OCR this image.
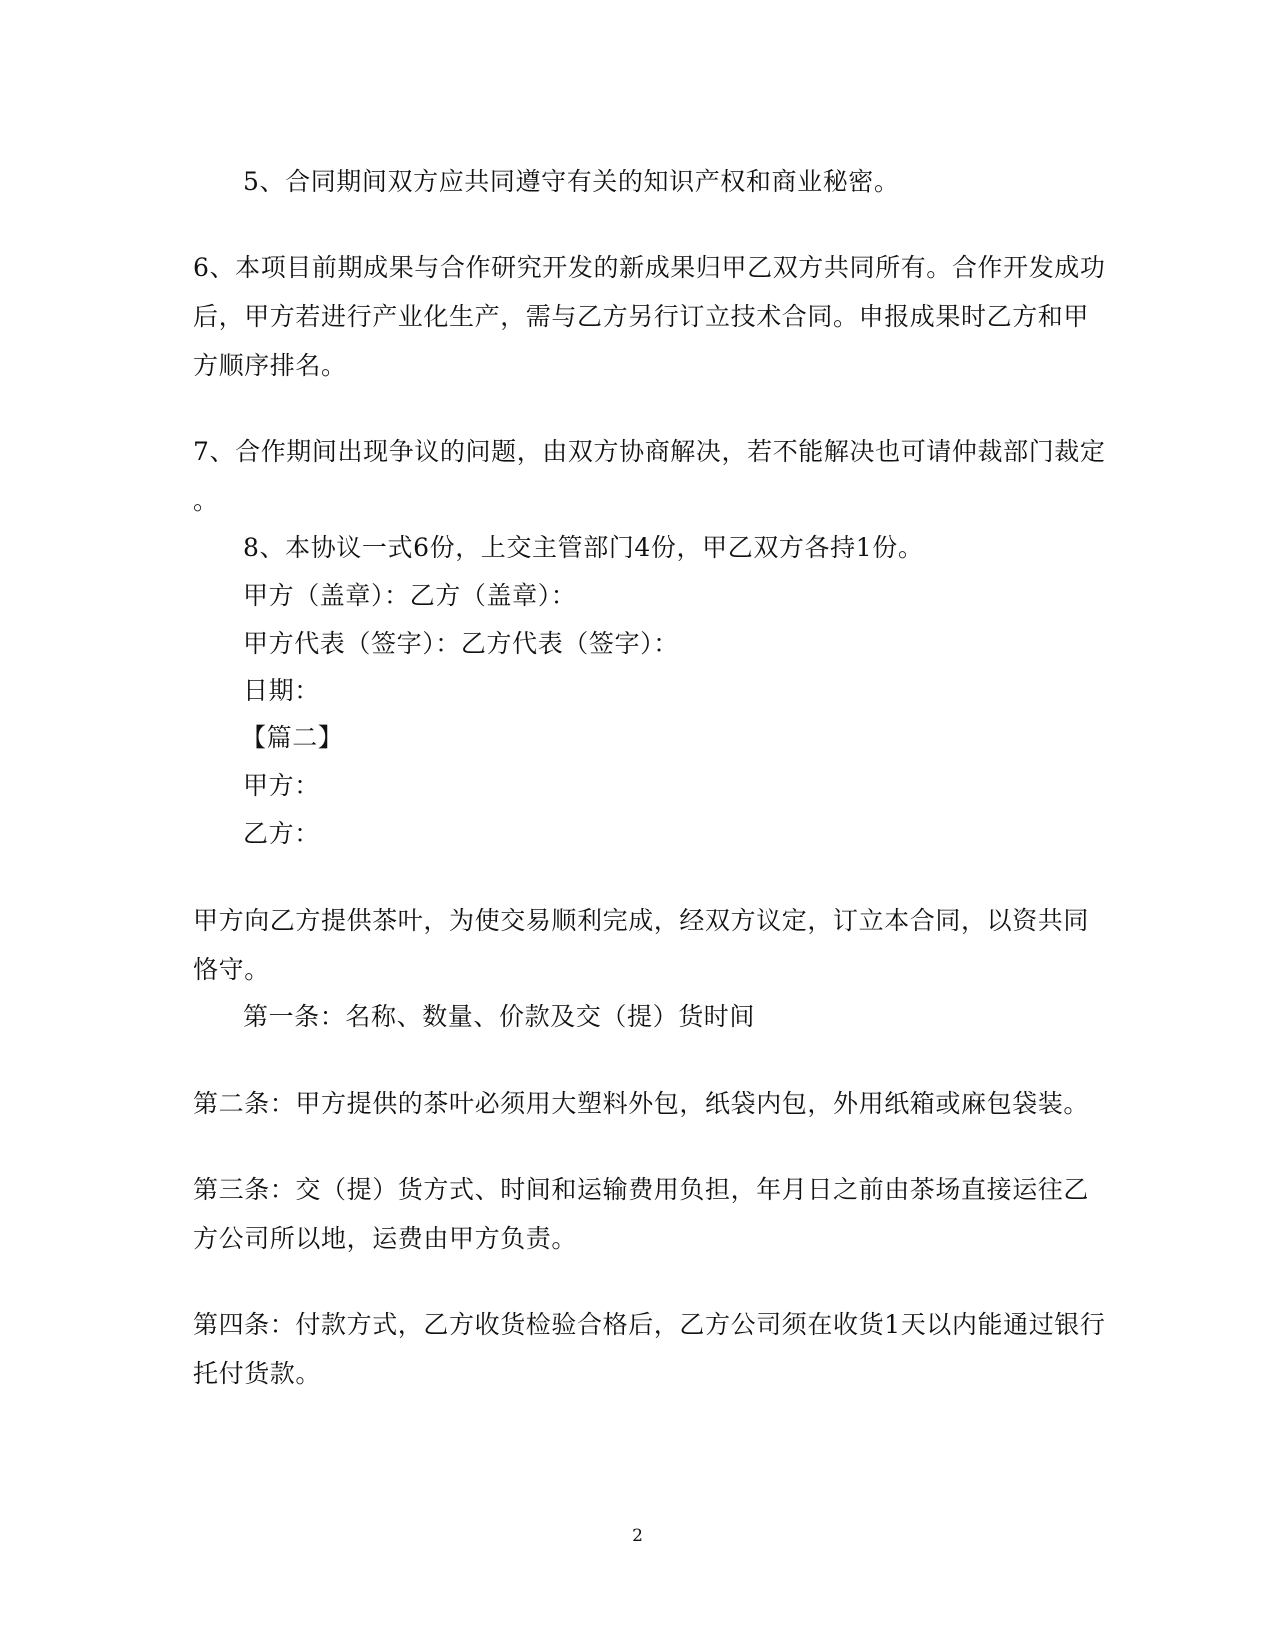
5、合同期间双方应共同遵守有关的知识产权和商业秘密。
6、本项目前期成果与合作研究开发的新成果归甲乙双方共同所有。合作开发成功
后，甲方若进行产业化生产，需与乙方另行订立技术合同。申报成果时乙方和甲
方顺序排名。
7、合作期间出现争议的问题，由双方协商解决，若不能解决也可请仲裁部门裁定
。
8、本协议一式6份，上交主管部门4份，甲乙双方各持1份。
甲方（盖章）：乙方（盖章）：
甲方代表（签字）：乙方代表（签字）：
日期：
【篇二】
甲方：
乙方：
甲方向乙方提供茶叶，为使交易顺利完成，经双方议定，订立本合同，以资共同
恪守。
第一条：名称、数量、价款及交（提）货时间
第二条：甲方提供的茶叶必须用大塑料外包，纸袋内包，外用纸箱或麻包袋装。
第三条：交（提）货方式、时间和运输费用负担，年月日之前由茶场直接运往乙
方公司所以地，运费由甲方负责。
第四条：付款方式，乙方收货检验合格后，乙方公司须在收货1天以内能通过银行
托付货款。
2
